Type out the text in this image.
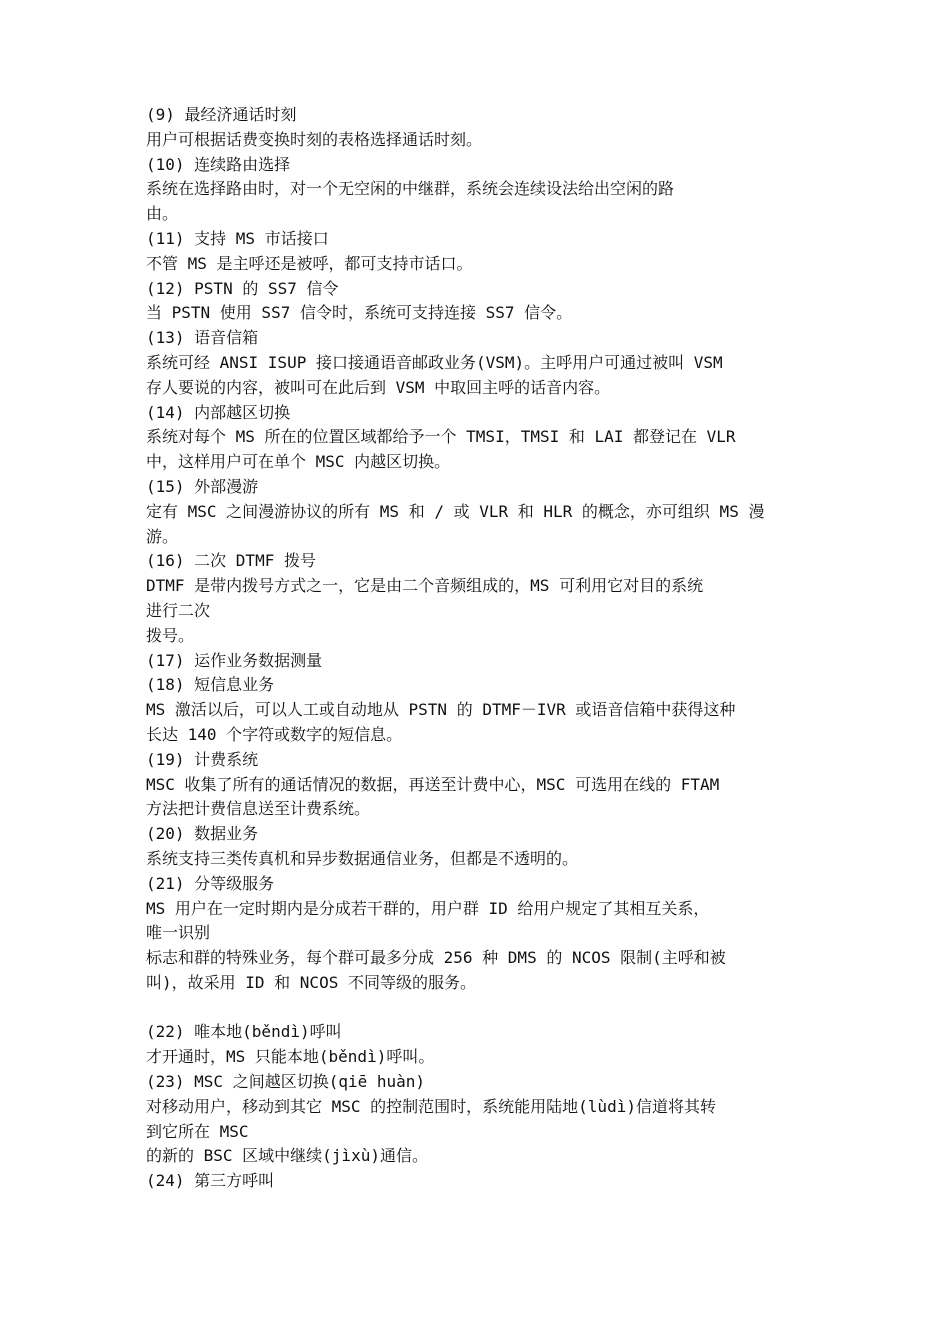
(9) 最经济通话时刻
用户可根据话费变换时刻的表格选择通话时刻。
(10) 连续路由选择
系统在选择路由时，对一个无空闲的中继群，系统会连续设法给出空闲的路
由。
(11) 支持 MS 市话接口
不管 MS 是主呼还是被呼，都可支持市话口。
(12) PSTN 的 SS7 信令
当 PSTN 使用 SS7 信令时，系统可支持连接 SS7 信令。
(13) 语音信箱
系统可经 ANSI ISUP 接口接通语音邮政业务(VSM)。主呼用户可通过被叫 VSM
存人要说的内容，被叫可在此后到 VSM 中取回主呼的话音内容。
(14) 内部越区切换
系统对每个 MS 所在的位置区域都给予一个 TMSI，TMSI 和 LAI 都登记在 VLR
中，这样用户可在单个 MSC 内越区切换。
(15) 外部漫游
定有 MSC 之间漫游协议的所有 MS 和 / 或 VLR 和 HLR 的概念，亦可组织 MS 漫
游。
(16) 二次 DTMF 拨号
DTMF 是带内拨号方式之一，它是由二个音频组成的，MS 可利用它对目的系统
进行二次
拨号。
(17) 运作业务数据测量
(18) 短信息业务
MS 激活以后，可以人工或自动地从 PSTN 的 DTMF－IVR 或语音信箱中获得这种
长达 140 个字符或数字的短信息。
(19) 计费系统
MSC 收集了所有的通话情况的数据，再送至计费中心，MSC 可选用在线的 FTAM
方法把计费信息送至计费系统。
(20) 数据业务
系统支持三类传真机和异步数据通信业务，但都是不透明的。
(21) 分等级服务
MS 用户在一定时期内是分成若干群的，用户群 ID 给用户规定了其相互关系，
唯一识别
标志和群的特殊业务，每个群可最多分成 256 种 DMS 的 NCOS 限制(主呼和被
叫)，故采用 ID 和 NCOS 不同等级的服务。
(22) 唯本地(běndì)呼叫
才开通时，MS 只能本地(běndì)呼叫。
(23) MSC 之间越区切换(qiē huàn)
对移动用户，移动到其它 MSC 的控制范围时，系统能用陆地(lùdì)信道将其转
到它所在 MSC
的新的 BSC 区域中继续(jìxù)通信。
(24) 第三方呼叫
